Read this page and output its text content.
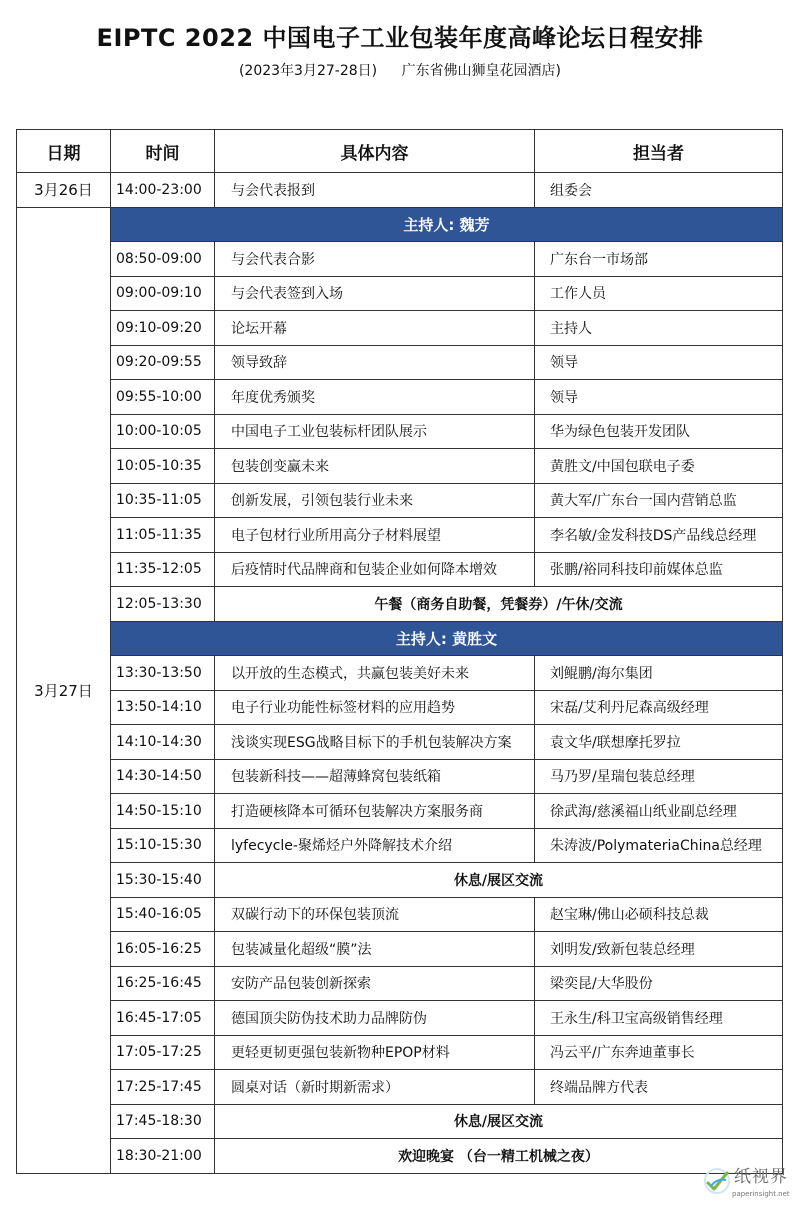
EIPTC 2022 中国电子工业包装年度高峰论坛日程安排
(2023年3月27-28日) 广东省佛山狮皇花园酒店)
日期	时间	具体内容	担当者
3月26日	14:00-23:00	与会代表报到	组委会
3月27日	主持人: 魏芳		
	08:50-09:00	与会代表合影	广东台一市场部
	09:00-09:10	与会代表签到入场	工作人员
	09:10-09:20	论坛开幕	主持人
	09:20-09:55	领导致辞	领导
	09:55-10:00	年度优秀颁奖	领导
	10:00-10:05	中国电子工业包装标杆团队展示	华为绿色包装开发团队
	10:05-10:35	包装创变赢未来	黄胜文/中国包联电子委
	10:35-11:05	创新发展，引领包装行业未来	黄大军/广东台一国内营销总监
	11:05-11:35	电子包材行业所用高分子材料展望	李名敏/金发科技DS产品线总经理
	11:35-12:05	后疫情时代品牌商和包装企业如何降本增效	张鹏/裕同科技印前媒体总监
	12:05-13:30	午餐（商务自助餐，凭餐券）/午休/交流	
	主持人: 黄胜文		
	13:30-13:50	以开放的生态模式，共赢包装美好未来	刘鲲鹏/海尔集团
	13:50-14:10	电子行业功能性标签材料的应用趋势	宋磊/艾利丹尼森高级经理
	14:10-14:30	浅谈实现ESG战略目标下的手机包装解决方案	袁文华/联想摩托罗拉
	14:30-14:50	包装新科技——超薄蜂窝包装纸箱	马乃罗/星瑞包装总经理
	14:50-15:10	打造硬核降本可循环包装解决方案服务商	徐武海/慈溪福山纸业副总经理
	15:10-15:30	lyfecycle-聚烯烃户外降解技术介绍	朱涛波/PolymateriaChina总经理
	15:30-15:40	休息/展区交流	
	15:40-16:05	双碳行动下的环保包装顶流	赵宝琳/佛山必硕科技总裁
	16:05-16:25	包装减量化超级“膜”法	刘明发/致新包装总经理
	16:25-16:45	安防产品包装创新探索	梁奕昆/大华股份
	16:45-17:05	德国顶尖防伪技术助力品牌防伪	王永生/科卫宝高级销售经理
	17:05-17:25	更轻更韧更强包装新物种EPOP材料	冯云平/广东奔迪董事长
	17:25-17:45	圆桌对话（新时期新需求）	终端品牌方代表
	17:45-18:30	休息/展区交流	
	18:30-21:00	欢迎晚宴 （台一精工机械之夜）	
纸视界
paperinsight.net
